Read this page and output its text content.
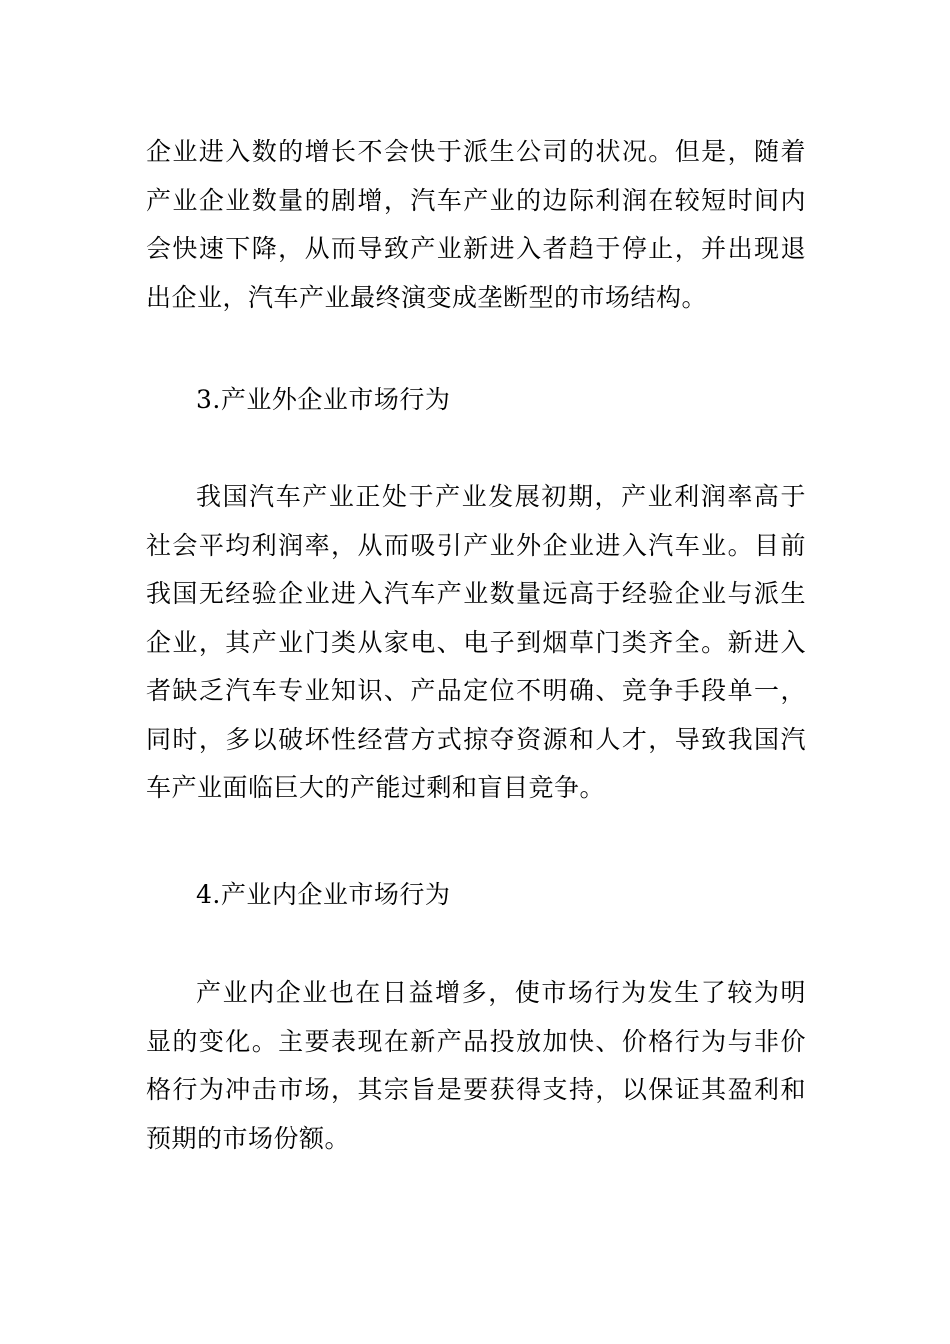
企业进入数的增长不会快于派生公司的状况。但是，随着产业企业数量的剧增，汽车产业的边际利润在较短时间内会快速下降，从而导致产业新进入者趋于停止，并出现退出企业，汽车产业最终演变成垄断型的市场结构。

3.产业外企业市场行为

我国汽车产业正处于产业发展初期，产业利润率高于社会平均利润率，从而吸引产业外企业进入汽车业。目前我国无经验企业进入汽车产业数量远高于经验企业与派生企业，其产业门类从家电、电子到烟草门类齐全。新进入者缺乏汽车专业知识、产品定位不明确、竞争手段单一，同时，多以破坏性经营方式掠夺资源和人才，导致我国汽车产业面临巨大的产能过剩和盲目竞争。

4.产业内企业市场行为

产业内企业也在日益增多，使市场行为发生了较为明显的变化。主要表现在新产品投放加快、价格行为与非价格行为冲击市场，其宗旨是要获得支持，以保证其盈利和预期的市场份额。
